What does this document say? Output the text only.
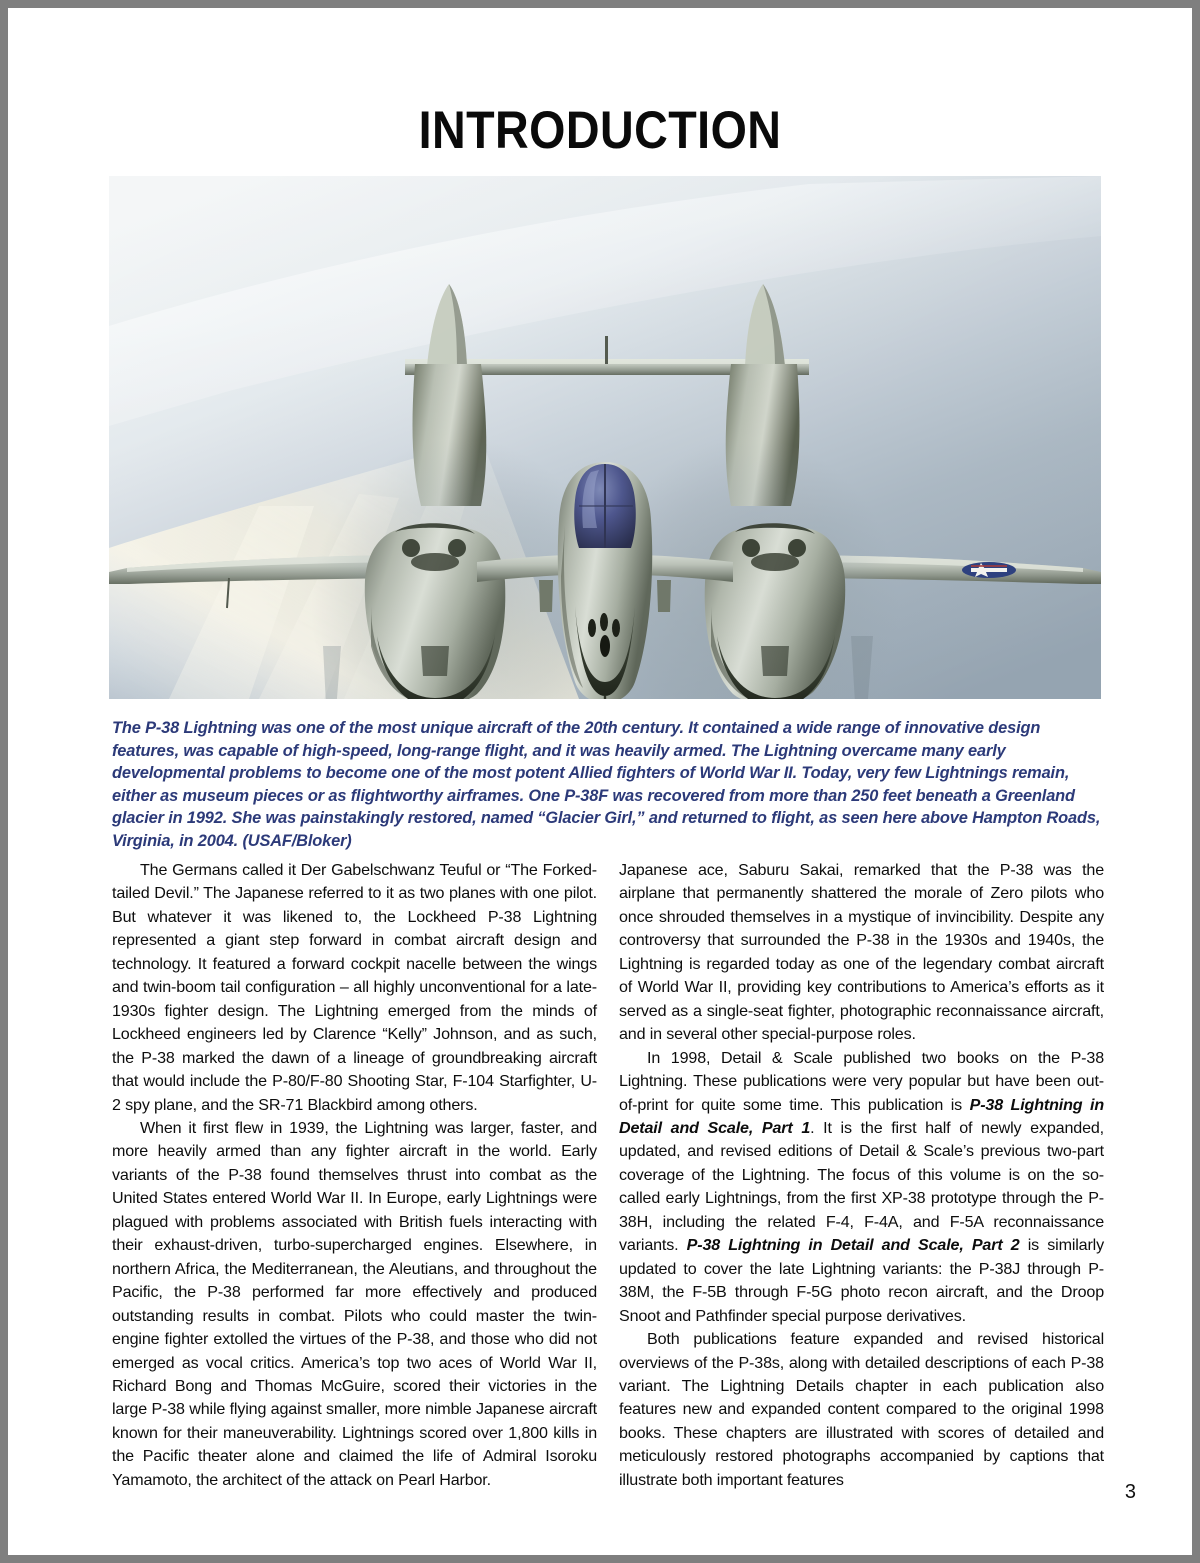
INTRODUCTION
The P-38 Lightning was one of the most unique aircraft of the 20th century. It contained a wide range of innovative design features, was capable of high-speed, long-range flight, and it was heavily armed. The Lightning overcame many early developmental problems to become one of the most potent Allied fighters of World War II. Today, very few Lightnings remain, either as museum pieces or as flightworthy airframes. One P-38F was recovered from more than 250 feet beneath a Greenland glacier in 1992. She was painstakingly restored, named “Glacier Girl,” and returned to flight, as seen here above Hampton Roads, Virginia, in 2004. (USAF/Bloker)

The Germans called it Der Gabelschwanz Teuful or “The Forked-tailed Devil.” The Japanese referred to it as two planes with one pilot. But whatever it was likened to, the Lockheed P-38 Lightning represented a giant step forward in combat aircraft design and technology. It featured a forward cockpit nacelle between the wings and twin-boom tail configuration – all highly unconventional for a late-1930s fighter design. The Lightning emerged from the minds of Lockheed engineers led by Clarence “Kelly” Johnson, and as such, the P-38 marked the dawn of a lineage of groundbreaking aircraft that would include the P-80/F-80 Shooting Star, F-104 Starfighter, U-2 spy plane, and the SR-71 Blackbird among others.

When it first flew in 1939, the Lightning was larger, faster, and more heavily armed than any fighter aircraft in the world. Early variants of the P-38 found themselves thrust into combat as the United States entered World War II. In Europe, early Lightnings were plagued with problems associated with British fuels interacting with their exhaust-driven, turbo-supercharged engines. Elsewhere, in northern Africa, the Mediterranean, the Aleutians, and throughout the Pacific, the P-38 performed far more effectively and produced outstanding results in combat. Pilots who could master the twin-engine fighter extolled the virtues of the P-38, and those who did not emerged as vocal critics. America’s top two aces of World War II, Richard Bong and Thomas McGuire, scored their victories in the large P-38 while flying against smaller, more nimble Japanese aircraft known for their maneuverability. Lightnings scored over 1,800 kills in the Pacific theater alone and claimed the life of Admiral Isoroku Yamamoto, the architect of the attack on Pearl Harbor.

Japanese ace, Saburu Sakai, remarked that the P-38 was the airplane that permanently shattered the morale of Zero pilots who once shrouded themselves in a mystique of invincibility. Despite any controversy that surrounded the P-38 in the 1930s and 1940s, the Lightning is regarded today as one of the legendary combat aircraft of World War II, providing key contributions to America’s efforts as it served as a single-seat fighter, photographic reconnaissance aircraft, and in several other special-purpose roles.

In 1998, Detail & Scale published two books on the P-38 Lightning. These publications were very popular but have been out-of-print for quite some time. This publication is P-38 Lightning in Detail and Scale, Part 1. It is the first half of newly expanded, updated, and revised editions of Detail & Scale’s previous two-part coverage of the Lightning. The focus of this volume is on the so-called early Lightnings, from the first XP-38 prototype through the P-38H, including the related F-4, F-4A, and F-5A reconnaissance variants. P-38 Lightning in Detail and Scale, Part 2 is similarly updated to cover the late Lightning variants: the P-38J through P-38M, the F-5B through F-5G photo recon aircraft, and the Droop Snoot and Pathfinder special purpose derivatives.

Both publications feature expanded and revised historical overviews of the P-38s, along with detailed descriptions of each P-38 variant. The Lightning Details chapter in each publication also features new and expanded content compared to the original 1998 books. These chapters are illustrated with scores of detailed and meticulously restored photographs accompanied by captions that illustrate both important features

3
